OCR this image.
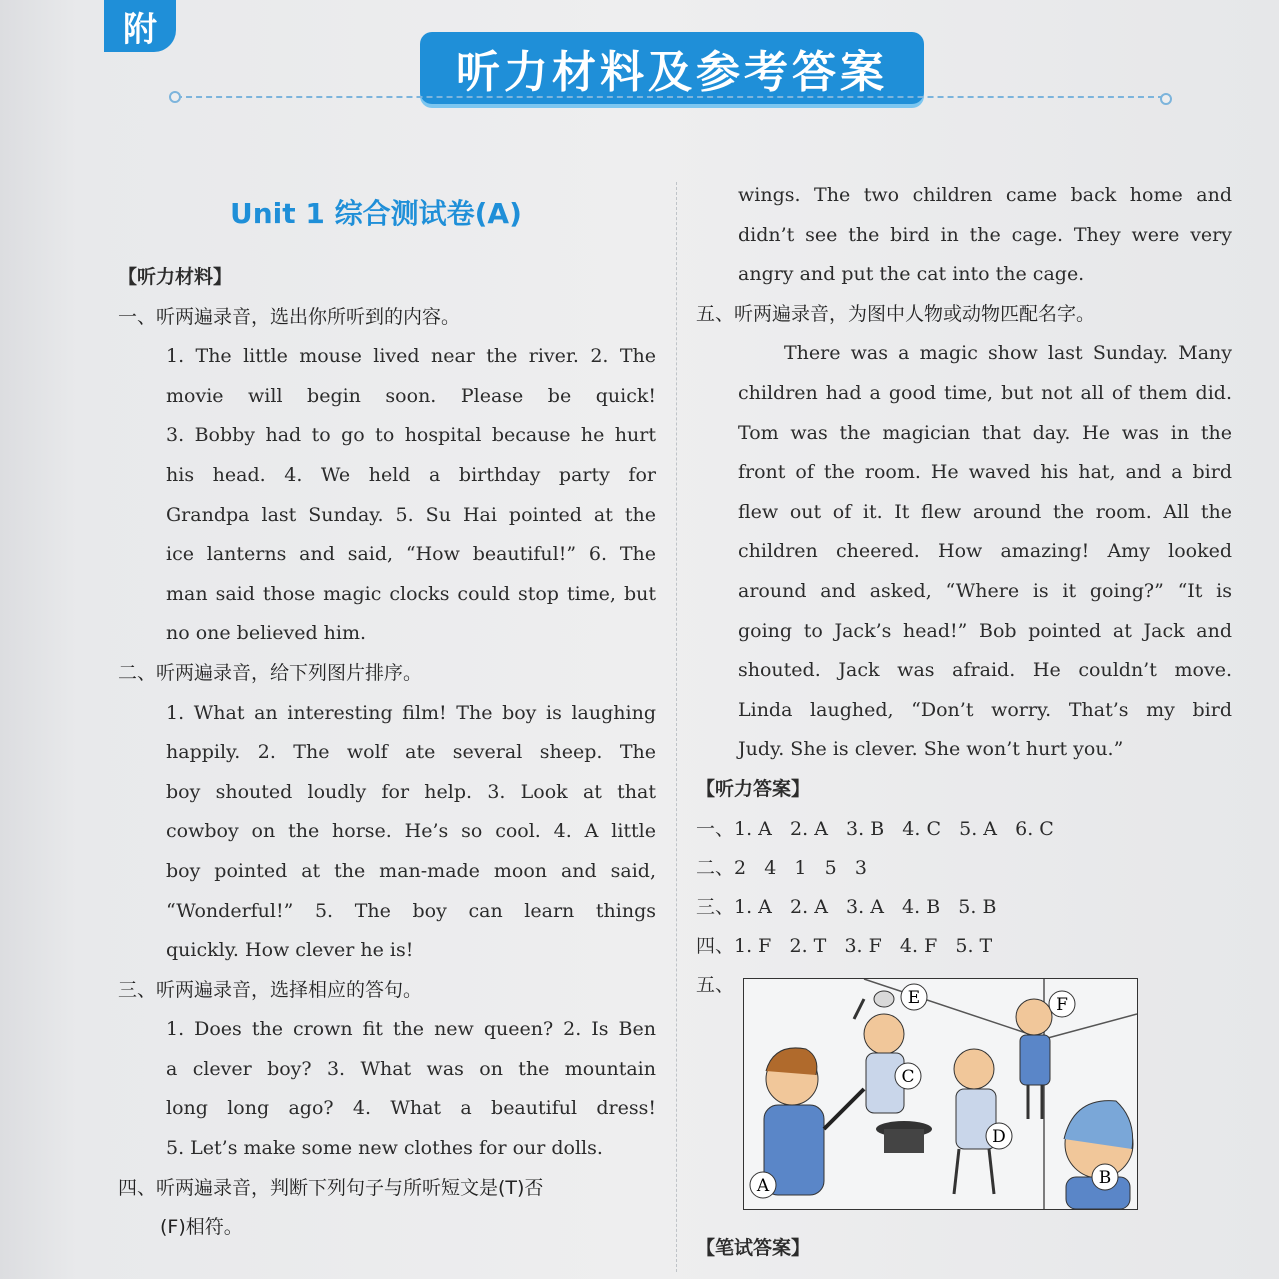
附
听力材料及参考答案
Unit 1 综合测试卷(A)

【听力材料】

一、听两遍录音，选出你所听到的内容。

1. The little mouse lived near the river. 2. The

movie will begin soon. Please be quick!

3. Bobby had to go to hospital because he hurt

his head. 4. We held a birthday party for

Grandpa last Sunday. 5. Su Hai pointed at the

ice lanterns and said, “How beautiful!” 6. The

man said those magic clocks could stop time, but

no one believed him.

二、听两遍录音，给下列图片排序。

1. What an interesting film! The boy is laughing

happily. 2. The wolf ate several sheep. The

boy shouted loudly for help. 3. Look at that

cowboy on the horse. He’s so cool. 4. A little

boy pointed at the man-made moon and said,

“Wonderful!” 5. The boy can learn things

quickly. How clever he is!

三、听两遍录音，选择相应的答句。

1. Does the crown fit the new queen? 2. Is Ben

a clever boy? 3. What was on the mountain

long long ago? 4. What a beautiful dress!

5. Let’s make some new clothes for our dolls.

四、听两遍录音，判断下列句子与所听短文是(T)否

(F)相符。

wings. The two children came back home and

didn’t see the bird in the cage. They were very

angry and put the cat into the cage.

五、听两遍录音，为图中人物或动物匹配名字。

There was a magic show last Sunday. Many

children had a good time, but not all of them did.

Tom was the magician that day. He was in the

front of the room. He waved his hat, and a bird

flew out of it. It flew around the room. All the

children cheered. How amazing! Amy looked

around and asked, “Where is it going?” “It is

going to Jack’s head!” Bob pointed at Jack and

shouted. Jack was afraid. He couldn’t move.

Linda laughed, “Don’t worry. That’s my bird

Judy. She is clever. She won’t hurt you.”

【听力答案】

一、1. A   2. A   3. B   4. C   5. A   6. C
二、2   4   1   5   3
三、1. A   2. A   3. A   4. B   5. B
四、1. F   2. T   3. F   4. F   5. T
五、
A	B
C
D
E	F
【笔试答案】
